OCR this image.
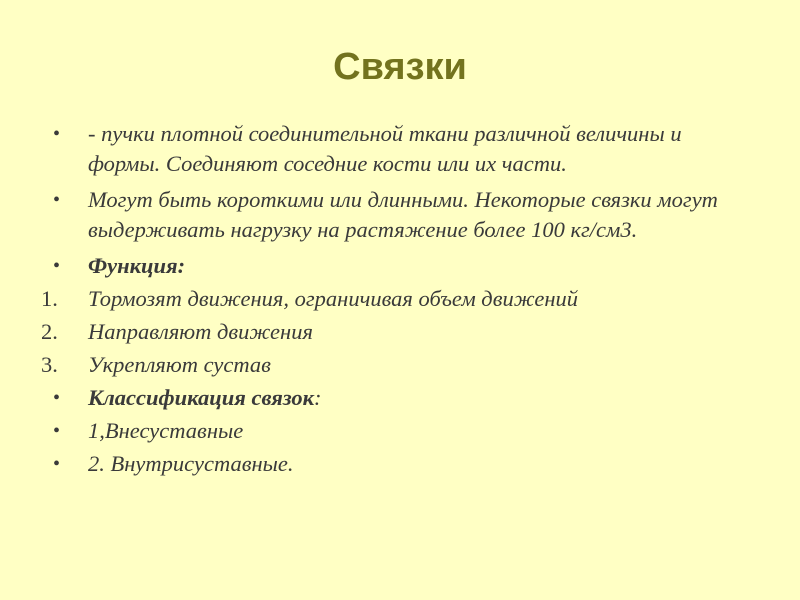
Связки
•	- пучки плотной соединительной ткани различной величины и формы. Соединяют соседние кости или их части.
•	Могут быть короткими или длинными. Некоторые связки могут выдерживать нагрузку на растяжение более 100 кг/см3.
•	Функция:
1.	Тормозят движения, ограничивая объем движений
2.	Направляют движения
3.	Укрепляют сустав
•	Классификация связок:
•	1,Внесуставные
•	2. Внутрисуставные.
